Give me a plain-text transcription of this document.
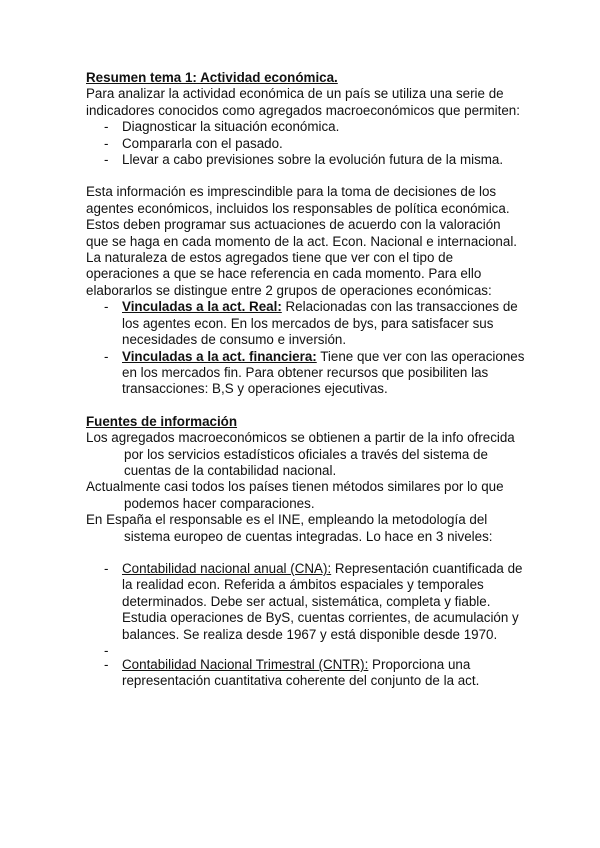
Resumen tema 1: Actividad económica.

Para analizar la actividad económica de un país se utiliza una serie de indicadores conocidos como agregados macroeconómicos que permiten:

- Diagnosticar la situación económica.
- Compararla con el pasado.
- Llevar a cabo previsiones sobre la evolución futura de la misma.

Esta información es imprescindible para la toma de decisiones de los agentes económicos, incluidos los responsables de política económica. Estos deben programar sus actuaciones de acuerdo con la valoración que se haga en cada momento de la act. Econ. Nacional e internacional.

La naturaleza de estos agregados tiene que ver con el tipo de operaciones a que se hace referencia en cada momento. Para ello elaborarlos se distingue entre 2 grupos de operaciones económicas:

- Vinculadas a la act. Real: Relacionadas con las transacciones de los agentes econ. En los mercados de bys, para satisfacer sus necesidades de consumo e inversión.
- Vinculadas a la act. financiera: Tiene que ver con las operaciones en los mercados fin. Para obtener recursos que posibiliten las transacciones: B,S y operaciones ejecutivas.

Fuentes de información

Los agregados macroeconómicos se obtienen a partir de la info ofrecida por los servicios estadísticos oficiales a través del sistema de cuentas de la contabilidad nacional.

Actualmente casi todos los países tienen métodos similares por lo que podemos hacer comparaciones.

En España el responsable es el INE, empleando la metodología del sistema europeo de cuentas integradas. Lo hace en 3 niveles:

- Contabilidad nacional anual (CNA): Representación cuantificada de la realidad econ. Referida a ámbitos espaciales y temporales determinados. Debe ser actual, sistemática, completa y fiable.
Estudia operaciones de ByS, cuentas corrientes, de acumulación y balances. Se realiza desde 1967 y está disponible desde 1970.
-
- Contabilidad Nacional Trimestral (CNTR): Proporciona una representación cuantitativa coherente del conjunto de la act.
